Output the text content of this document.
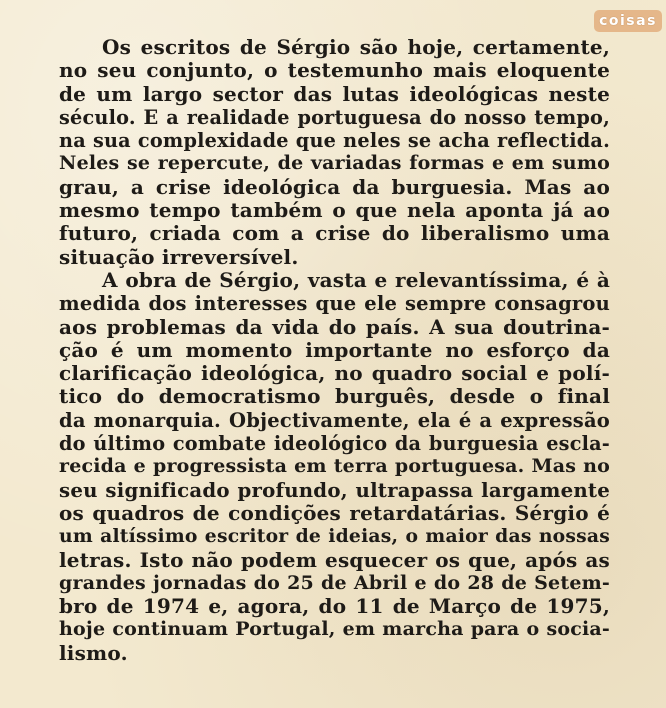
coisas
Os escritos de Sérgio são hoje, certamente,
no seu conjunto, o testemunho mais eloquente
de um largo sector das lutas ideológicas neste
século. E a realidade portuguesa do nosso tempo,
na sua complexidade que neles se acha reflectida.
Neles se repercute, de variadas formas e em sumo
grau, a crise ideológica da burguesia. Mas ao
mesmo tempo também o que nela aponta já ao
futuro, criada com a crise do liberalismo uma
situação irreversível.
A obra de Sérgio, vasta e relevantíssima, é à
medida dos interesses que ele sempre consagrou
aos problemas da vida do país. A sua doutrina-
ção é um momento importante no esforço da
clarificação ideológica, no quadro social e polí-
tico do democratismo burguês, desde o final
da monarquia. Objectivamente, ela é a expressão
do último combate ideológico da burguesia escla-
recida e progressista em terra portuguesa. Mas no
seu significado profundo, ultrapassa largamente
os quadros de condições retardatárias. Sérgio é
um altíssimo escritor de ideias, o maior das nossas
letras. Isto não podem esquecer os que, após as
grandes jornadas do 25 de Abril e do 28 de Setem-
bro de 1974 e, agora, do 11 de Março de 1975,
hoje continuam Portugal, em marcha para o socia-
lismo.
